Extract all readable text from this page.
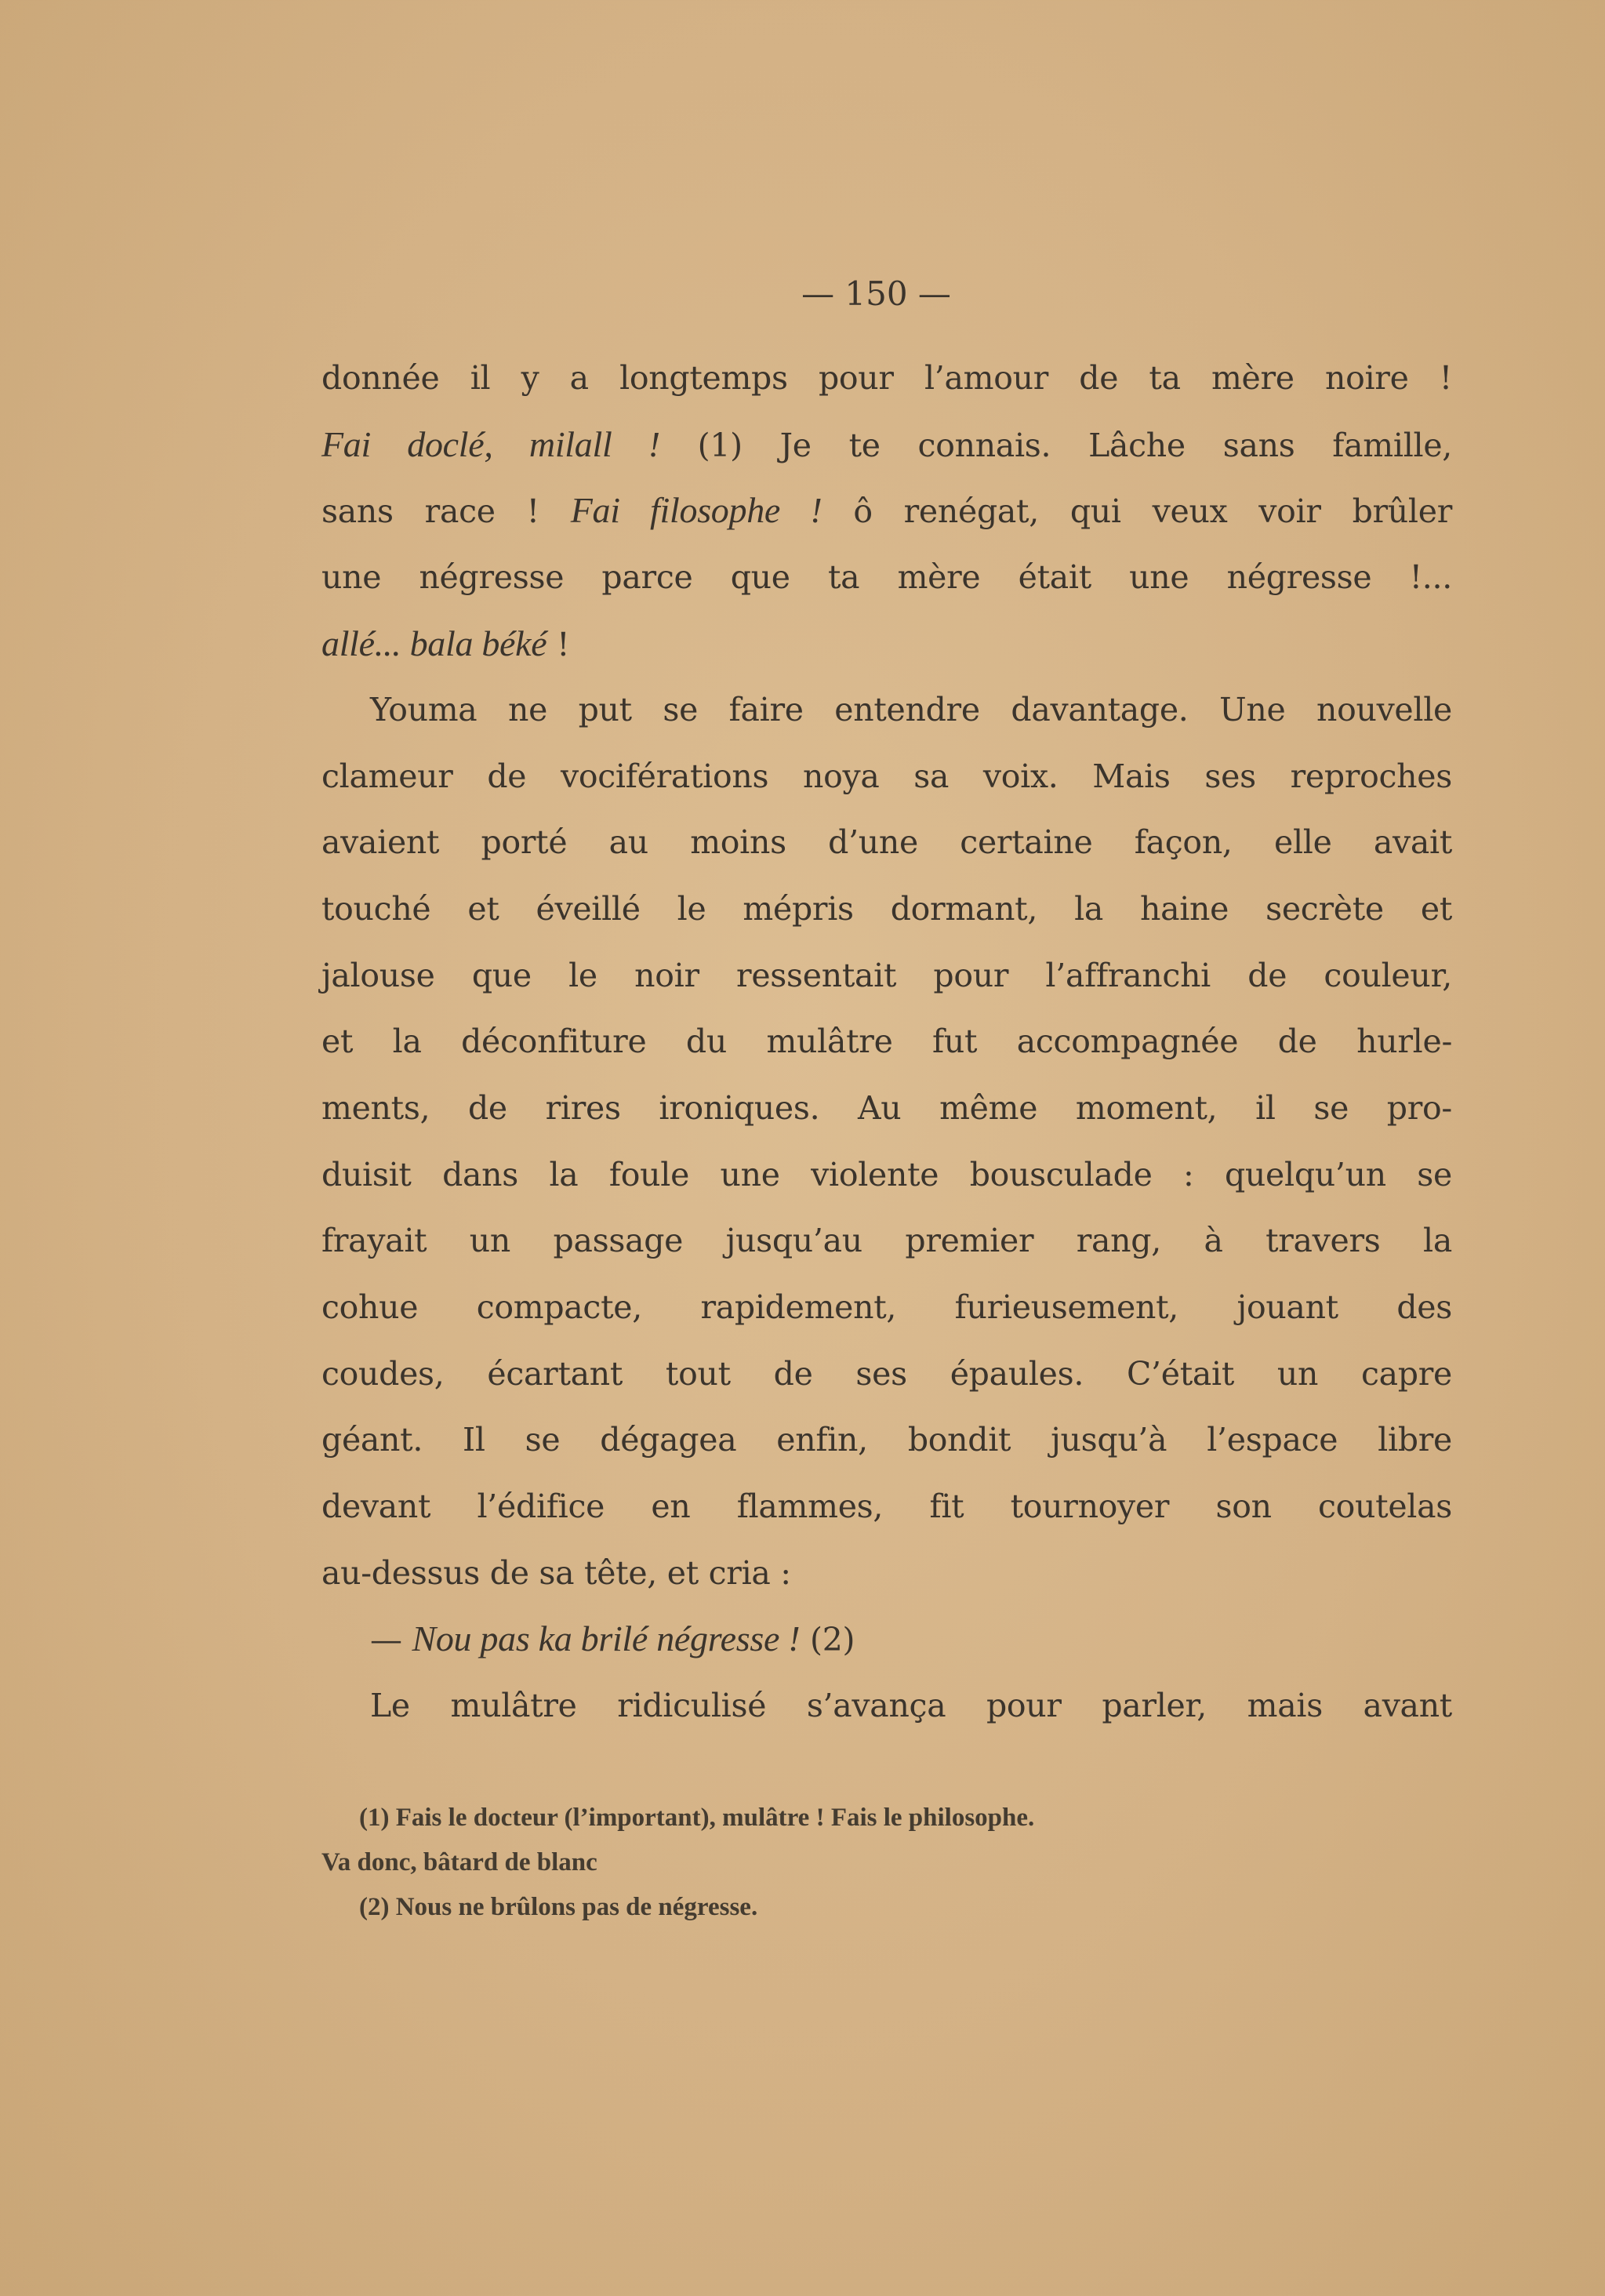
— 150 —
donnée il y a longtemps pour l’amour de ta mère noire !
Fai doclé, milall ! (1) Je te connais. Lâche sans famille,
sans race ! Fai filosophe ! ô renégat, qui veux voir brûler
une négresse parce que ta mère était une négresse !...
allé... bala béké !
Youma ne put se faire entendre davantage. Une nouvelle
clameur de vociférations noya sa voix. Mais ses reproches
avaient porté au moins d’une certaine façon, elle avait
touché et éveillé le mépris dormant, la haine secrète et
jalouse que le noir ressentait pour l’affranchi de couleur,
et la déconfiture du mulâtre fut accompagnée de hurle-
ments, de rires ironiques. Au même moment, il se pro-
duisit dans la foule une violente bousculade : quelqu’un se
frayait un passage jusqu’au premier rang, à travers la
cohue compacte, rapidement, furieusement, jouant des
coudes, écartant tout de ses épaules. C’était un capre
géant. Il se dégagea enfin, bondit jusqu’à l’espace libre
devant l’édifice en flammes, fit tournoyer son coutelas
au-dessus de sa tête, et cria :
— Nou pas ka brilé négresse ! (2)
Le mulâtre ridiculisé s’avança pour parler, mais avant
(1) Fais le docteur (l’important), mulâtre ! Fais le philosophe.
Va donc, bâtard de blanc
(2) Nous ne brûlons pas de négresse.
